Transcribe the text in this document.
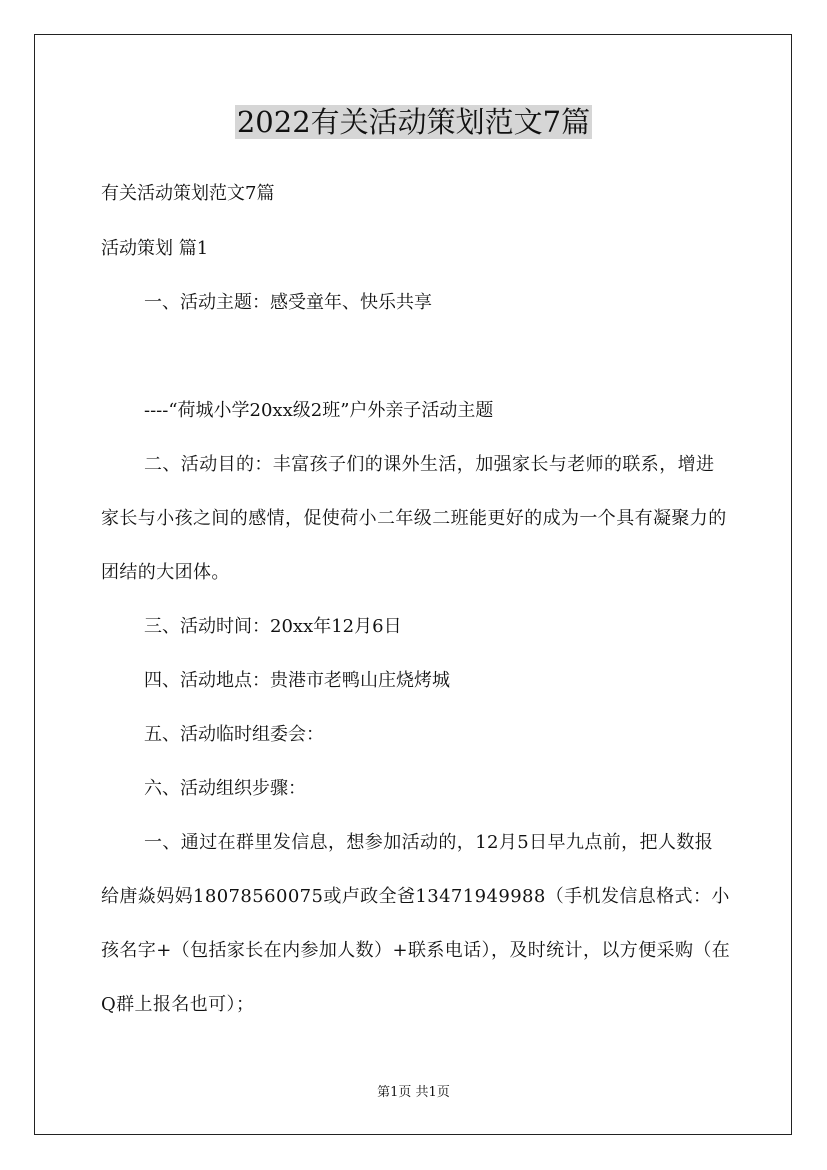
2022有关活动策划范文7篇
有关活动策划范文7篇
活动策划 篇1
一、活动主题：感受童年、快乐共享
----“荷城小学20xx级2班”户外亲子活动主题
二、活动目的：丰富孩子们的课外生活，加强家长与老师的联系，增进家长与小孩之间的感情，促使荷小二年级二班能更好的成为一个具有凝聚力的团结的大团体。
三、活动时间：20xx年12月6日
四、活动地点：贵港市老鸭山庄烧烤城
五、活动临时组委会：
六、活动组织步骤：
一、通过在群里发信息，想参加活动的，12月5日早九点前，把人数报给唐焱妈妈18078560075或卢政全爸13471949988（手机发信息格式：小孩名字+（包括家长在内参加人数）+联系电话），及时统计，以方便采购（在Q群上报名也可）；
第1页 共1页
